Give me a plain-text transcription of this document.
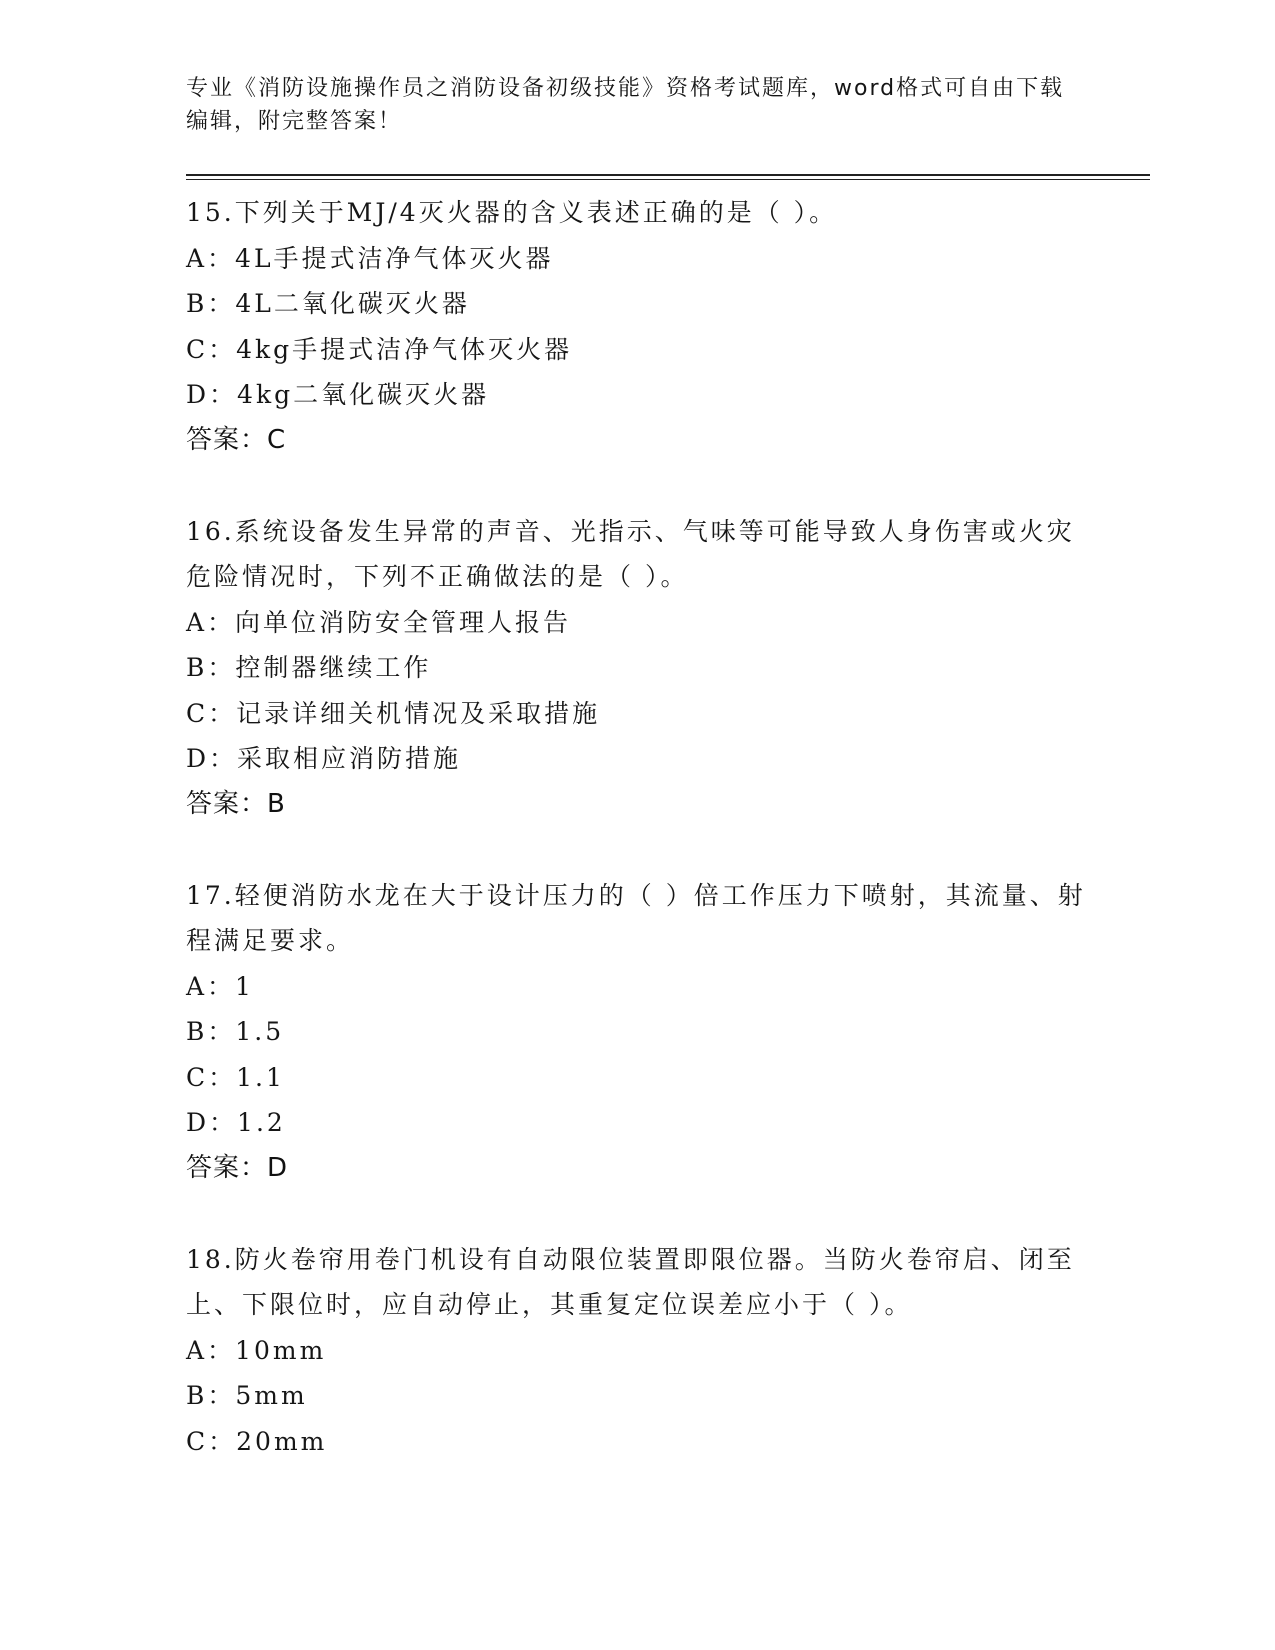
专业《消防设施操作员之消防设备初级技能》资格考试题库，word格式可自由下载编辑，附完整答案！
15.下列关于MJ/4灭火器的含义表述正确的是（ ）。
A：4L手提式洁净气体灭火器
B：4L二氧化碳灭火器
C：4kg手提式洁净气体灭火器
D：4kg二氧化碳灭火器
答案：C
16.系统设备发生异常的声音、光指示、气味等可能导致人身伤害或火灾危险情况时，下列不正确做法的是（ ）。
A：向单位消防安全管理人报告
B：控制器继续工作
C：记录详细关机情况及采取措施
D：采取相应消防措施
答案：B
17.轻便消防水龙在大于设计压力的（ ）倍工作压力下喷射，其流量、射程满足要求。
A：1
B：1.5
C：1.1
D：1.2
答案：D
18.防火卷帘用卷门机设有自动限位装置即限位器。当防火卷帘启、闭至上、下限位时，应自动停止，其重复定位误差应小于（ ）。
A：10mm
B：5mm
C：20mm
